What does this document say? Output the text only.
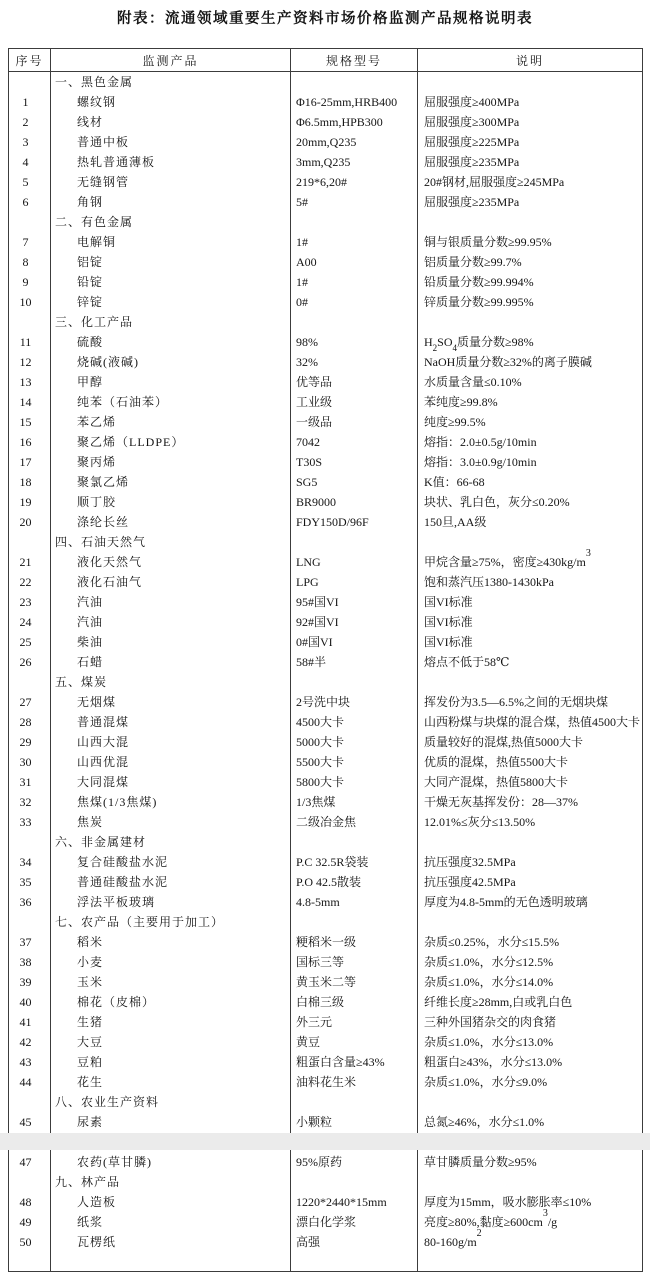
附表：流通领域重要生产资料市场价格监测产品规格说明表
序号	监测产品	规格型号	说明
	一、黑色金属		
1	螺纹钢	Φ16-25mm,HRB400	屈服强度≥400MPa
2	线材	Φ6.5mm,HPB300	屈服强度≥300MPa
3	普通中板	20mm,Q235	屈服强度≥225MPa
4	热轧普通薄板	3mm,Q235	屈服强度≥235MPa
5	无缝钢管	219*6,20#	20#钢材,屈服强度≥245MPa
6	角钢	5#	屈服强度≥235MPa
	二、有色金属		
7	电解铜	1#	铜与银质量分数≥99.95%
8	铝锭	A00	铝质量分数≥99.7%
9	铅锭	1#	铅质量分数≥99.994%
10	锌锭	0#	锌质量分数≥99.995%
	三、化工产品		
11	硫酸	98%	$H_2SO_4$质量分数≥98%
12	烧碱(液碱)	32%	NaOH质量分数≥32%的离子膜碱
13	甲醇	优等品	水质量含量≤0.10%
14	纯苯（石油苯）	工业级	苯纯度≥99.8%
15	苯乙烯	一级品	纯度≥99.5%
16	聚乙烯（LLDPE）	7042	熔指：2.0±0.5g/10min
17	聚丙烯	T30S	熔指：3.0±0.9g/10min
18	聚氯乙烯	SG5	K值：66-68
19	顺丁胶	BR9000	块状、乳白色，灰分≤0.20%
20	涤纶长丝	FDY150D/96F	150旦,AA级
	四、石油天然气		
21	液化天然气	LNG	甲烷含量≥75%，密度$\ge 430kg/m^3$
22	液化石油气	LPG	饱和蒸汽压1380-1430kPa
23	汽油	95#国VI	国VI标准
24	汽油	92#国VI	国VI标准
25	柴油	0#国VI	国VI标准
26	石蜡	58#半	熔点不低于58℃
	五、煤炭		
27	无烟煤	2号洗中块	挥发份为3.5—6.5%之间的无烟块煤
28	普通混煤	4500大卡	山西粉煤与块煤的混合煤，热值4500大卡
29	山西大混	5000大卡	质量较好的混煤,热值5000大卡
30	山西优混	5500大卡	优质的混煤，热值5500大卡
31	大同混煤	5800大卡	大同产混煤，热值5800大卡
32	焦煤(1/3焦煤)	1/3焦煤	干燥无灰基挥发份：28—37%
33	焦炭	二级冶金焦	12.01%≤灰分≤13.50%
	六、非金属建材		
34	复合硅酸盐水泥	P.C 32.5R袋装	抗压强度32.5MPa
35	普通硅酸盐水泥	P.O 42.5散装	抗压强度42.5MPa
36	浮法平板玻璃	4.8-5mm	厚度为4.8-5mm的无色透明玻璃
	七、农产品（主要用于加工）		
37	稻米	粳稻米一级	杂质≤0.25%，水分≤15.5%
38	小麦	国标三等	杂质≤1.0%，水分≤12.5%
39	玉米	黄玉米二等	杂质≤1.0%，水分≤14.0%
40	棉花（皮棉）	白棉三级	纤维长度≥28mm,白或乳白色
41	生猪	外三元	三种外国猪杂交的肉食猪
42	大豆	黄豆	杂质≤1.0%，水分≤13.0%
43	豆粕	粗蛋白含量≥43%	粗蛋白≥43%，水分≤13.0%
44	花生	油料花生米	杂质≤1.0%，水分≤9.0%
	八、农业生产资料		
45	尿素	小颗粒	总氮≥46%，水分≤1.0%

47	农药(草甘膦)	95%原药	草甘膦质量分数≥95%
	九、林产品		
48	人造板	1220*2440*15mm	厚度为15mm，吸水膨胀率≤10%
49	纸浆	漂白化学浆	亮度≥80%,黏度$\ge 600cm^3/g$
50	瓦楞纸	高强	$80-160g/m^2$
